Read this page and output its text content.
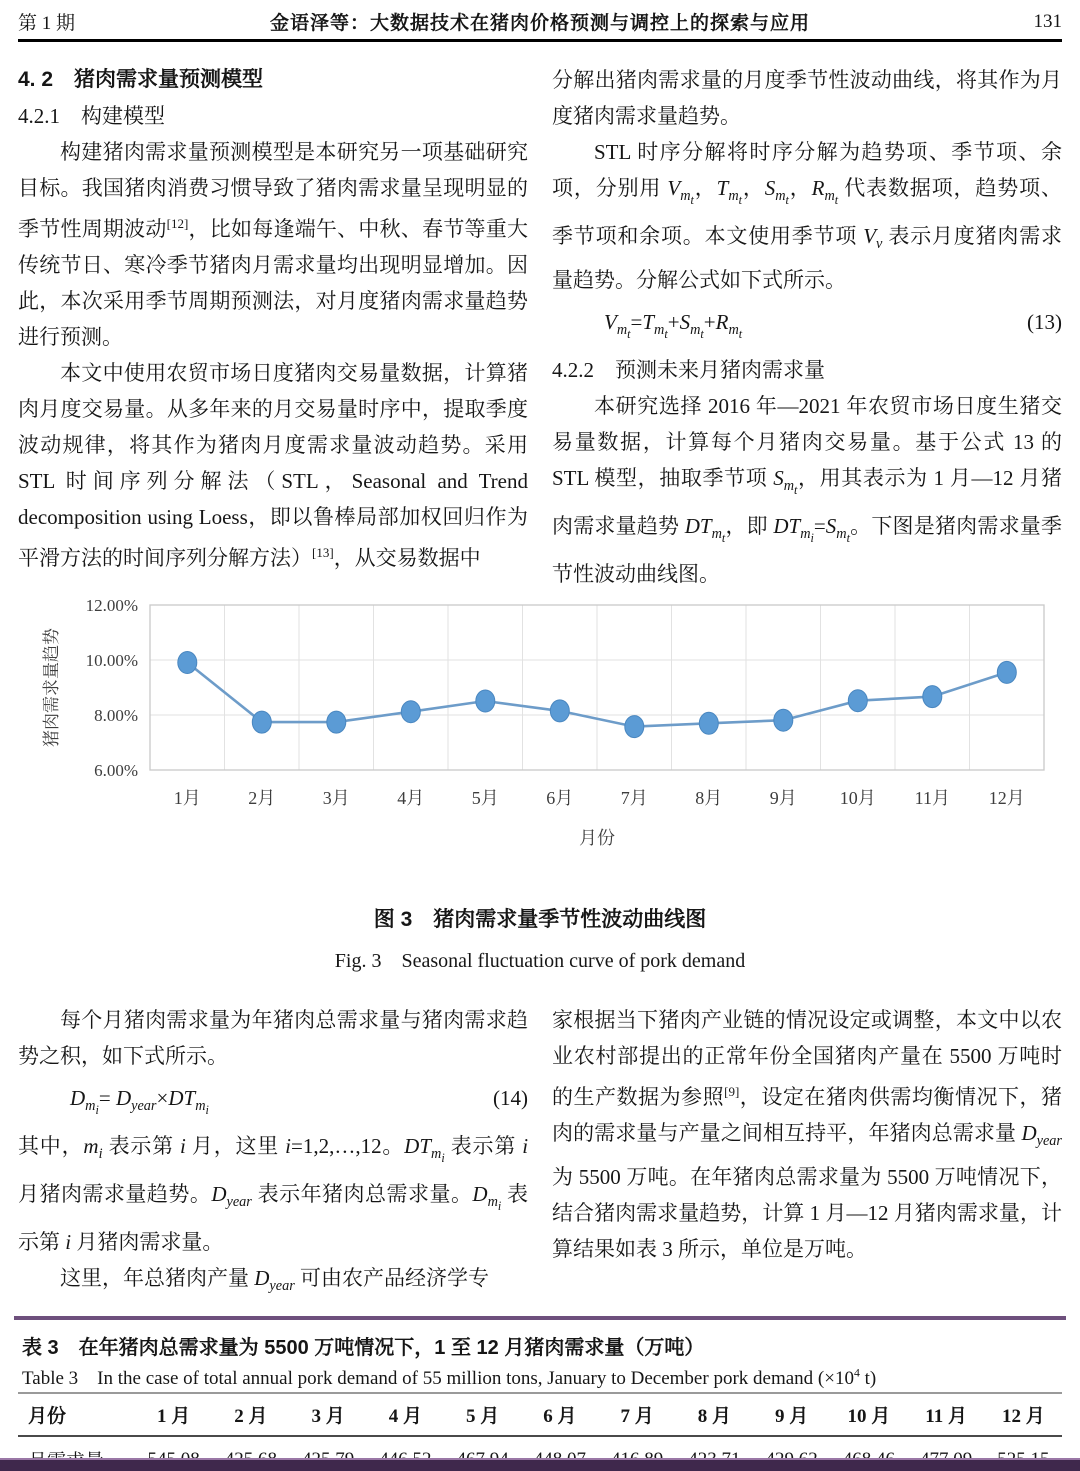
第 1 期	金语泽等：大数据技术在猪肉价格预测与调控上的探索与应用	131

4. 2　猪肉需求量预测模型

4.2.1　构建模型

构建猪肉需求量预测模型是本研究另一项基础研究目标。我国猪肉消费习惯导致了猪肉需求量呈现明显的季节性周期波动[12]，比如每逢端午、中秋、春节等重大传统节日、寒冷季节猪肉月需求量均出现明显增加。因此，本次采用季节周期预测法，对月度猪肉需求量趋势进行预测。

本文中使用农贸市场日度猪肉交易量数据，计算猪肉月度交易量。从多年来的月交易量时序中，提取季度波动规律，将其作为猪肉月度需求量波动趋势。采用 STL 时间序列分解法（STL，Seasonal and Trend decomposition using Loess，即以鲁棒局部加权回归作为平滑方法的时间序列分解方法）[13]，从交易数据中

分解出猪肉需求量的月度季节性波动曲线，将其作为月度猪肉需求量趋势。

STL 时序分解将时序分解为趋势项、季节项、余项，分别用 $V_{m_t}$，$T_{m_t}$，$S_{m_t}$，$R_{m_t}$ 代表数据项，趋势项、季节项和余项。本文使用季节项 $V_v$ 表示月度猪肉需求量趋势。分解公式如下式所示。

$V_{m_t}=T_{m_t}+S_{m_t}+R_{m_t}$
(13)

4.2.2　预测未来月猪肉需求量

本研究选择 2016 年—2021 年农贸市场日度生猪交易量数据，计算每个月猪肉交易量。基于公式 13 的 STL 模型，抽取季节项 $S_{m_t}$，用其表示为 1 月—12 月猪肉需求量趋势 $DT_{m_t}$，即 $DT_{m_i}=S_{m_t}$。下图是猪肉需求量季节性波动曲线图。

12.00%
10.00%
8.00%
6.00%
1月	2月	3月	4月	5月	6月	7月	8月	9月 10月 11月 12月
猪肉需求量趋势
月份

图 3　猪肉需求量季节性波动曲线图

Fig. 3　Seasonal fluctuation curve of pork demand

每个月猪肉需求量为年猪肉总需求量与猪肉需求趋势之积，如下式所示。

$D_{m_i}= D_{year}\times DT_{m_i}$
(14)

其中，$m_i$ 表示第 i 月，这里 i=1,2,…,12。$DT_{m_i}$ 表示第 i 月猪肉需求量趋势。$D_{year}$ 表示年猪肉总需求量。$D_{m_i}$ 表示第 i 月猪肉需求量。

这里，年总猪肉产量 $D_{year}$ 可由农产品经济学专

家根据当下猪肉产业链的情况设定或调整，本文中以农业农村部提出的正常年份全国猪肉产量在 5500 万吨时的生产数据为参照[9]，设定在猪肉供需均衡情况下，猪肉的需求量与产量之间相互持平，年猪肉总需求量 $D_{year}$ 为 5500 万吨。在年猪肉总需求量为 5500 万吨情况下，结合猪肉需求量趋势，计算 1 月—12 月猪肉需求量，计算结果如表 3 所示，单位是万吨。

表 3　在年猪肉总需求量为 5500 万吨情况下，1 至 12 月猪肉需求量（万吨）

Table 3　In the case of total annual pork demand of 55 million tons, January to December pork demand ($\times 10^4$ t)

月份	1 月	2 月	3 月	4 月	5 月	6 月	7 月	8 月	9 月	10 月	11 月	12 月
